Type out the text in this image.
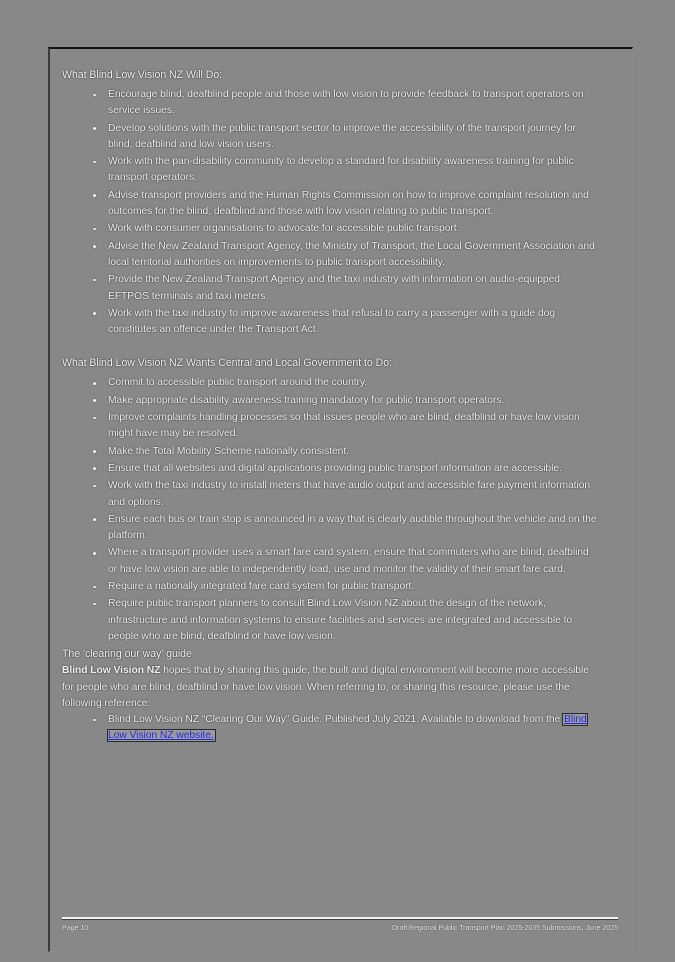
What Blind Low Vision NZ Will Do:
Encourage blind, deafblind people and those with low vision to provide feedback to transport operators on service issues.
Develop solutions with the public transport sector to improve the accessibility of the transport journey for blind, deafblind and low vision users.
Work with the pan-disability community to develop a standard for disability awareness training for public transport operators.
Advise transport providers and the Human Rights Commission on how to improve complaint resolution and outcomes for the blind, deafblind and those with low vision relating to public transport.
Work with consumer organisations to advocate for accessible public transport.
Advise the New Zealand Transport Agency, the Ministry of Transport, the Local Government Association and local territorial authorities on improvements to public transport accessibility.
Provide the New Zealand Transport Agency and the taxi industry with information on audio-equipped EFTPOS terminals and taxi meters.
Work with the taxi industry to improve awareness that refusal to carry a passenger with a guide dog constitutes an offence under the Transport Act.
What Blind Low Vision NZ Wants Central and Local Government to Do:
Commit to accessible public transport around the country.
Make appropriate disability awareness training mandatory for public transport operators.
Improve complaints handling processes so that issues people who are blind, deafblind or have low vision might have may be resolved.
Make the Total Mobility Scheme nationally consistent.
Ensure that all websites and digital applications providing public transport information are accessible.
Work with the taxi industry to install meters that have audio output and accessible fare payment information and options.
Ensure each bus or train stop is announced in a way that is clearly audible throughout the vehicle and on the platform.
Where a transport provider uses a smart fare card system, ensure that commuters who are blind, deafblind or have low vision are able to independently load, use and monitor the validity of their smart fare card.
Require a nationally integrated fare card system for public transport.
Require public transport planners to consult Blind Low Vision NZ about the design of the network, infrastructure and information systems to ensure facilities and services are integrated and accessible to people who are blind, deafblind or have low vision.
The 'clearing our way' guide

Blind Low Vision NZ hopes that by sharing this guide, the built and digital environment will become more accessible for people who are blind, deafblind or have low vision. When referring to, or sharing this resource, please use the following reference:

Blind Low Vision NZ “Clearing Our Way” Guide. Published July 2021. Available to download from the Blind Low Vision NZ website.
Page 10	Draft Regional Public Transport Plan 2025-2035 Submissions, June 2025
